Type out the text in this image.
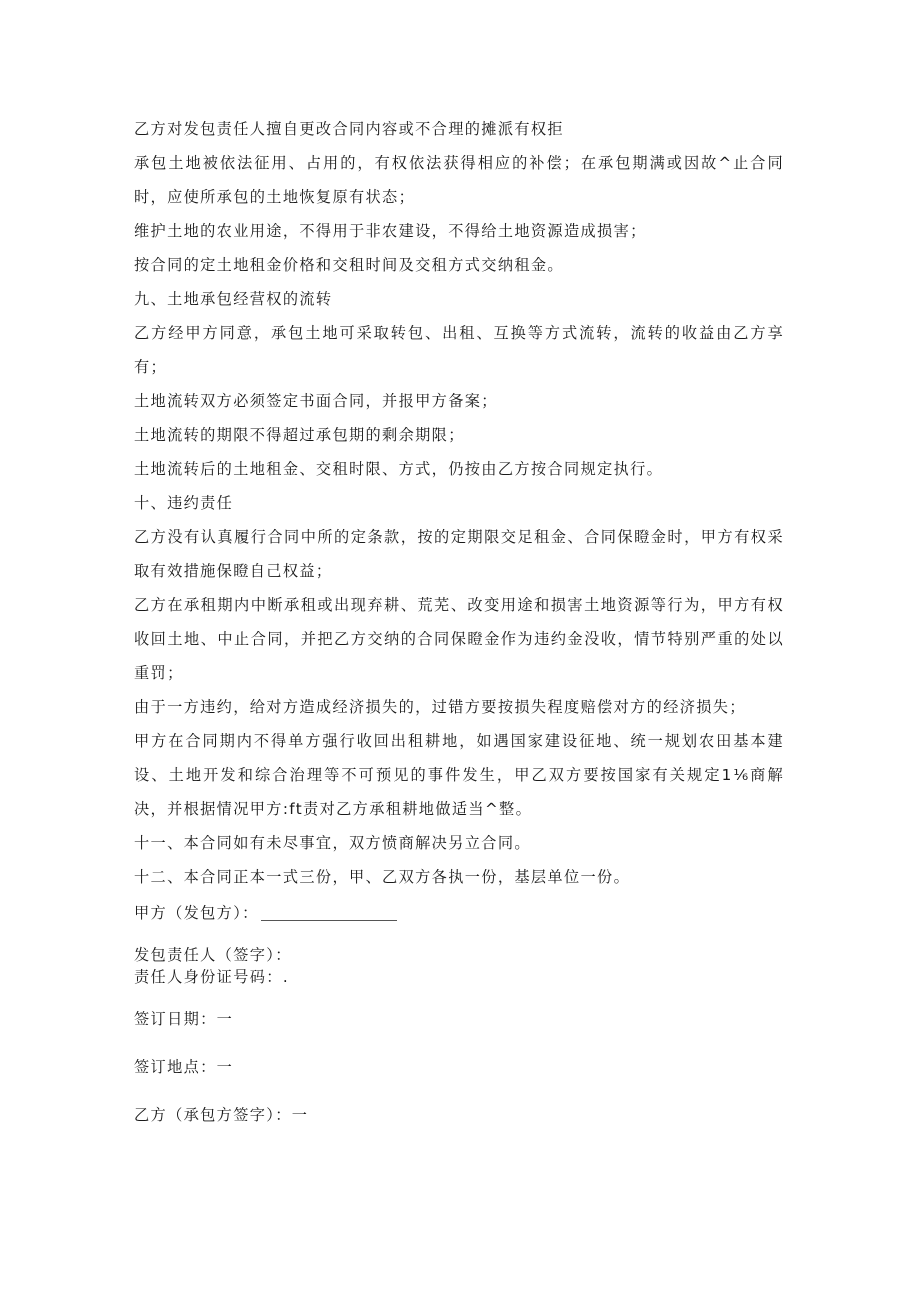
乙方对发包责任人擅自更改合同内容或不合理的摊派有权拒

承包土地被依法征用、占用的，有权依法获得相应的补偿；在承包期满或因故^止合同时，应使所承包的土地恢复原有状态；

维护土地的农业用途，不得用于非农建设，不得给土地资源造成损害；

按合同的定土地租金价格和交租时间及交租方式交纳租金。

九、土地承包经营权的流转

乙方经甲方同意，承包土地可采取转包、出租、互换等方式流转，流转的收益由乙方享有；

土地流转双方必须签定书面合同，并报甲方备案；

土地流转的期限不得超过承包期的剩余期限；

土地流转后的土地租金、交租时限、方式，仍按由乙方按合同规定执行。

十、违约责任

乙方没有认真履行合同中所的定条款，按的定期限交足租金、合同保瞪金时，甲方有权采取有效措施保瞪自己权益；

乙方在承租期内中断承租或出现弃耕、荒芜、改变用途和损害土地资源等行为，甲方有权收回土地、中止合同，并把乙方交纳的合同保瞪金作为违约金没收，情节特别严重的处以重罚；

由于一方违约，给对方造成经济损失的，过错方要按损失程度赔偿对方的经济损失；

甲方在合同期内不得单方强行收回出租耕地，如遇国家建设征地、统一规划农田基本建设、土地开发和综合治理等不可预见的事件发生，甲乙双方要按国家有关规定1⅙商解决，并根据情况甲方:ft责对乙方承租耕地做适当^整。

十一、本合同如有未尽事宜，双方愤商解决另立合同。

十二、本合同正本一式三份，甲、乙双方各执一份，基层单位一份。

甲方（发包方）：

发包责任人（签字）：

责任人身份证号码：.

签订日期：一

签订地点：一

乙方（承包方签字）：一
